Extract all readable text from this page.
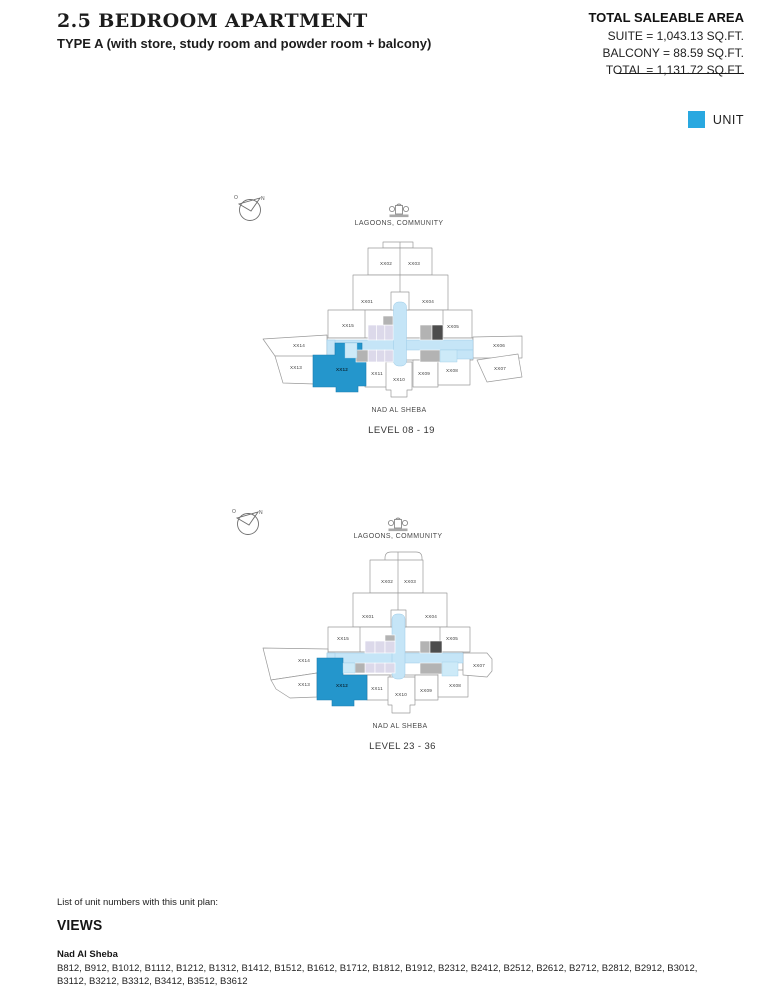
2.5 BEDROOM APARTMENT
TYPE A (with store, study room and powder room + balcony)
TOTAL SALEABLE AREA
SUITE = 1,043.13 SQ.FT.
BALCONY = 88.59 SQ.FT.
TOTAL = 1,131.72 SQ.FT.
UNIT
N
O
LAGOONS, COMMUNITY
XX01
XX02	XX03
XX04
XX05
XX06
XX07
XX08
XX09
XX10
XX11
XX12
XX13
XX14
XX15
NAD AL SHEBA
LEVEL 08 - 19
N
O
LAGOONS, COMMUNITY
XX01
XX02 XX03
XX04
XX05
XX07
XX08
XX09
XX10
XX11
XX12
XX13
XX14
XX15
NAD AL SHEBA
LEVEL 23 - 36
List of unit numbers with this unit plan:
VIEWS
Nad Al Sheba
B812, B912, B1012, B1112, B1212, B1312, B1412, B1512, B1612, B1712, B1812, B1912, B2312, B2412, B2512, B2612, B2712, B2812, B2912, B3012, B3112, B3212, B3312, B3412, B3512, B3612
